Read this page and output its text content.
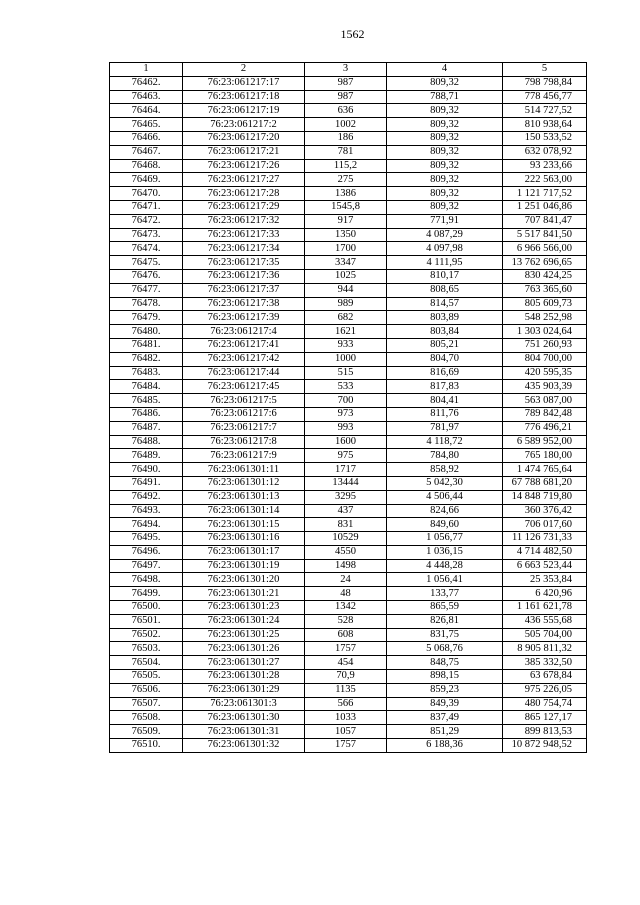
1562
1	2	3	4	5
76462.	76:23:061217:17	987	809,32	798 798,84
76463.	76:23:061217:18	987	788,71	778 456,77
76464.	76:23:061217:19	636	809,32	514 727,52
76465.	76:23:061217:2	1002	809,32	810 938,64
76466.	76:23:061217:20	186	809,32	150 533,52
76467.	76:23:061217:21	781	809,32	632 078,92
76468.	76:23:061217:26	115,2	809,32	93 233,66
76469.	76:23:061217:27	275	809,32	222 563,00
76470.	76:23:061217:28	1386	809,32	1 121 717,52
76471.	76:23:061217:29	1545,8	809,32	1 251 046,86
76472.	76:23:061217:32	917	771,91	707 841,47
76473.	76:23:061217:33	1350	4 087,29	5 517 841,50
76474.	76:23:061217:34	1700	4 097,98	6 966 566,00
76475.	76:23:061217:35	3347	4 111,95	13 762 696,65
76476.	76:23:061217:36	1025	810,17	830 424,25
76477.	76:23:061217:37	944	808,65	763 365,60
76478.	76:23:061217:38	989	814,57	805 609,73
76479.	76:23:061217:39	682	803,89	548 252,98
76480.	76:23:061217:4	1621	803,84	1 303 024,64
76481.	76:23:061217:41	933	805,21	751 260,93
76482.	76:23:061217:42	1000	804,70	804 700,00
76483.	76:23:061217:44	515	816,69	420 595,35
76484.	76:23:061217:45	533	817,83	435 903,39
76485.	76:23:061217:5	700	804,41	563 087,00
76486.	76:23:061217:6	973	811,76	789 842,48
76487.	76:23:061217:7	993	781,97	776 496,21
76488.	76:23:061217:8	1600	4 118,72	6 589 952,00
76489.	76:23:061217:9	975	784,80	765 180,00
76490.	76:23:061301:11	1717	858,92	1 474 765,64
76491.	76:23:061301:12	13444	5 042,30	67 788 681,20
76492.	76:23:061301:13	3295	4 506,44	14 848 719,80
76493.	76:23:061301:14	437	824,66	360 376,42
76494.	76:23:061301:15	831	849,60	706 017,60
76495.	76:23:061301:16	10529	1 056,77	11 126 731,33
76496.	76:23:061301:17	4550	1 036,15	4 714 482,50
76497.	76:23:061301:19	1498	4 448,28	6 663 523,44
76498.	76:23:061301:20	24	1 056,41	25 353,84
76499.	76:23:061301:21	48	133,77	6 420,96
76500.	76:23:061301:23	1342	865,59	1 161 621,78
76501.	76:23:061301:24	528	826,81	436 555,68
76502.	76:23:061301:25	608	831,75	505 704,00
76503.	76:23:061301:26	1757	5 068,76	8 905 811,32
76504.	76:23:061301:27	454	848,75	385 332,50
76505.	76:23:061301:28	70,9	898,15	63 678,84
76506.	76:23:061301:29	1135	859,23	975 226,05
76507.	76:23:061301:3	566	849,39	480 754,74
76508.	76:23:061301:30	1033	837,49	865 127,17
76509.	76:23:061301:31	1057	851,29	899 813,53
76510.	76:23:061301:32	1757	6 188,36	10 872 948,52
